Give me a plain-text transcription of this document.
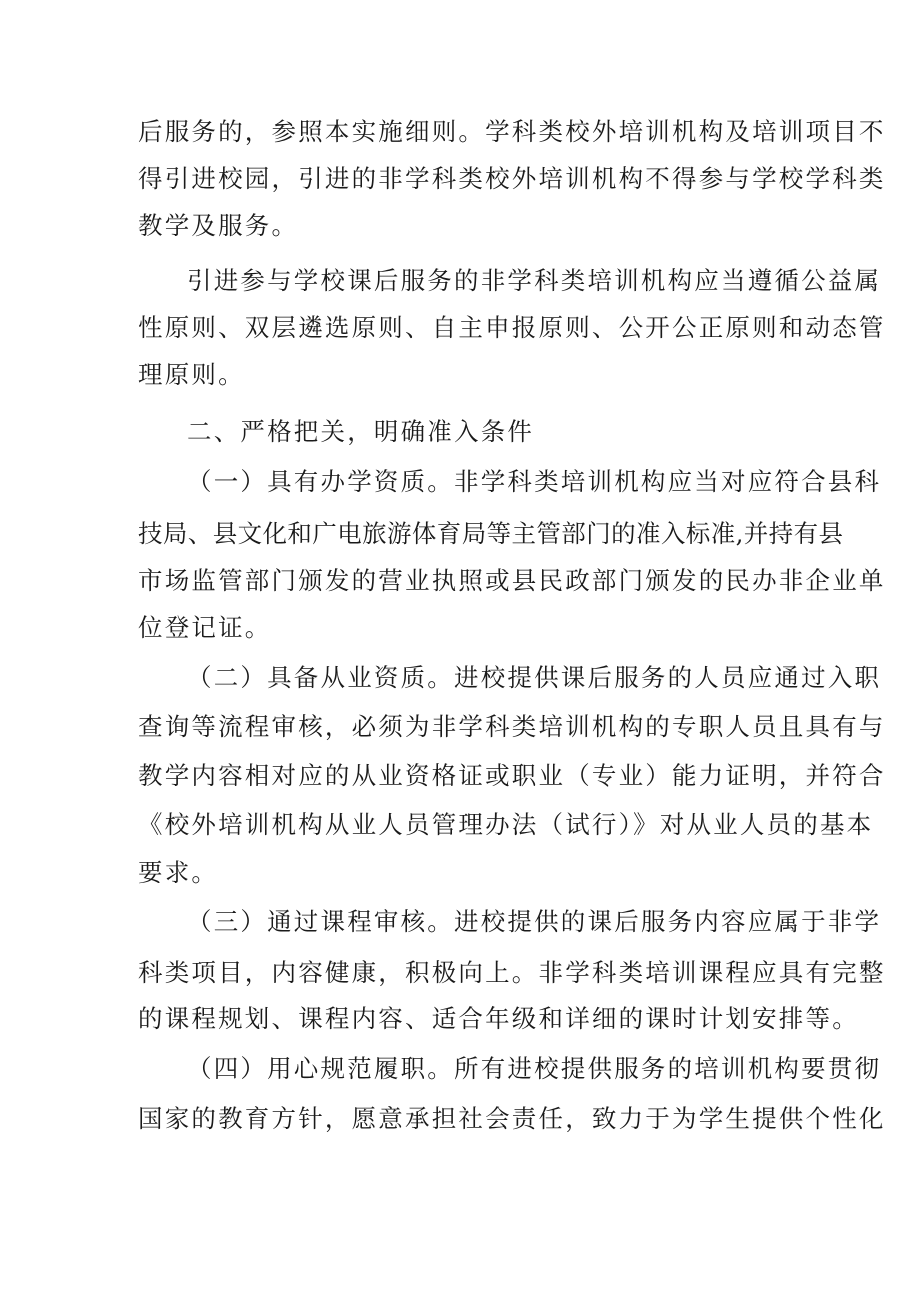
后服务的，参照本实施细则。学科类校外培训机构及培训项目不
得引进校园，引进的非学科类校外培训机构不得参与学校学科类
教学及服务。
引进参与学校课后服务的非学科类培训机构应当遵循公益属
性原则、双层遴选原则、自主申报原则、公开公正原则和动态管
理原则。
二、严格把关，明确准入条件
（一）具有办学资质。非学科类培训机构应当对应符合县科
技局、县文化和广电旅游体育局等主管部门的准入标准,并持有县
市场监管部门颁发的营业执照或县民政部门颁发的民办非企业单
位登记证。
（二）具备从业资质。进校提供课后服务的人员应通过入职
查询等流程审核，必须为非学科类培训机构的专职人员且具有与
教学内容相对应的从业资格证或职业（专业）能力证明，并符合
《校外培训机构从业人员管理办法（试行）》对从业人员的基本
要求。
（三）通过课程审核。进校提供的课后服务内容应属于非学
科类项目，内容健康，积极向上。非学科类培训课程应具有完整
的课程规划、课程内容、适合年级和详细的课时计划安排等。
（四）用心规范履职。所有进校提供服务的培训机构要贯彻
国家的教育方针，愿意承担社会责任，致力于为学生提供个性化
